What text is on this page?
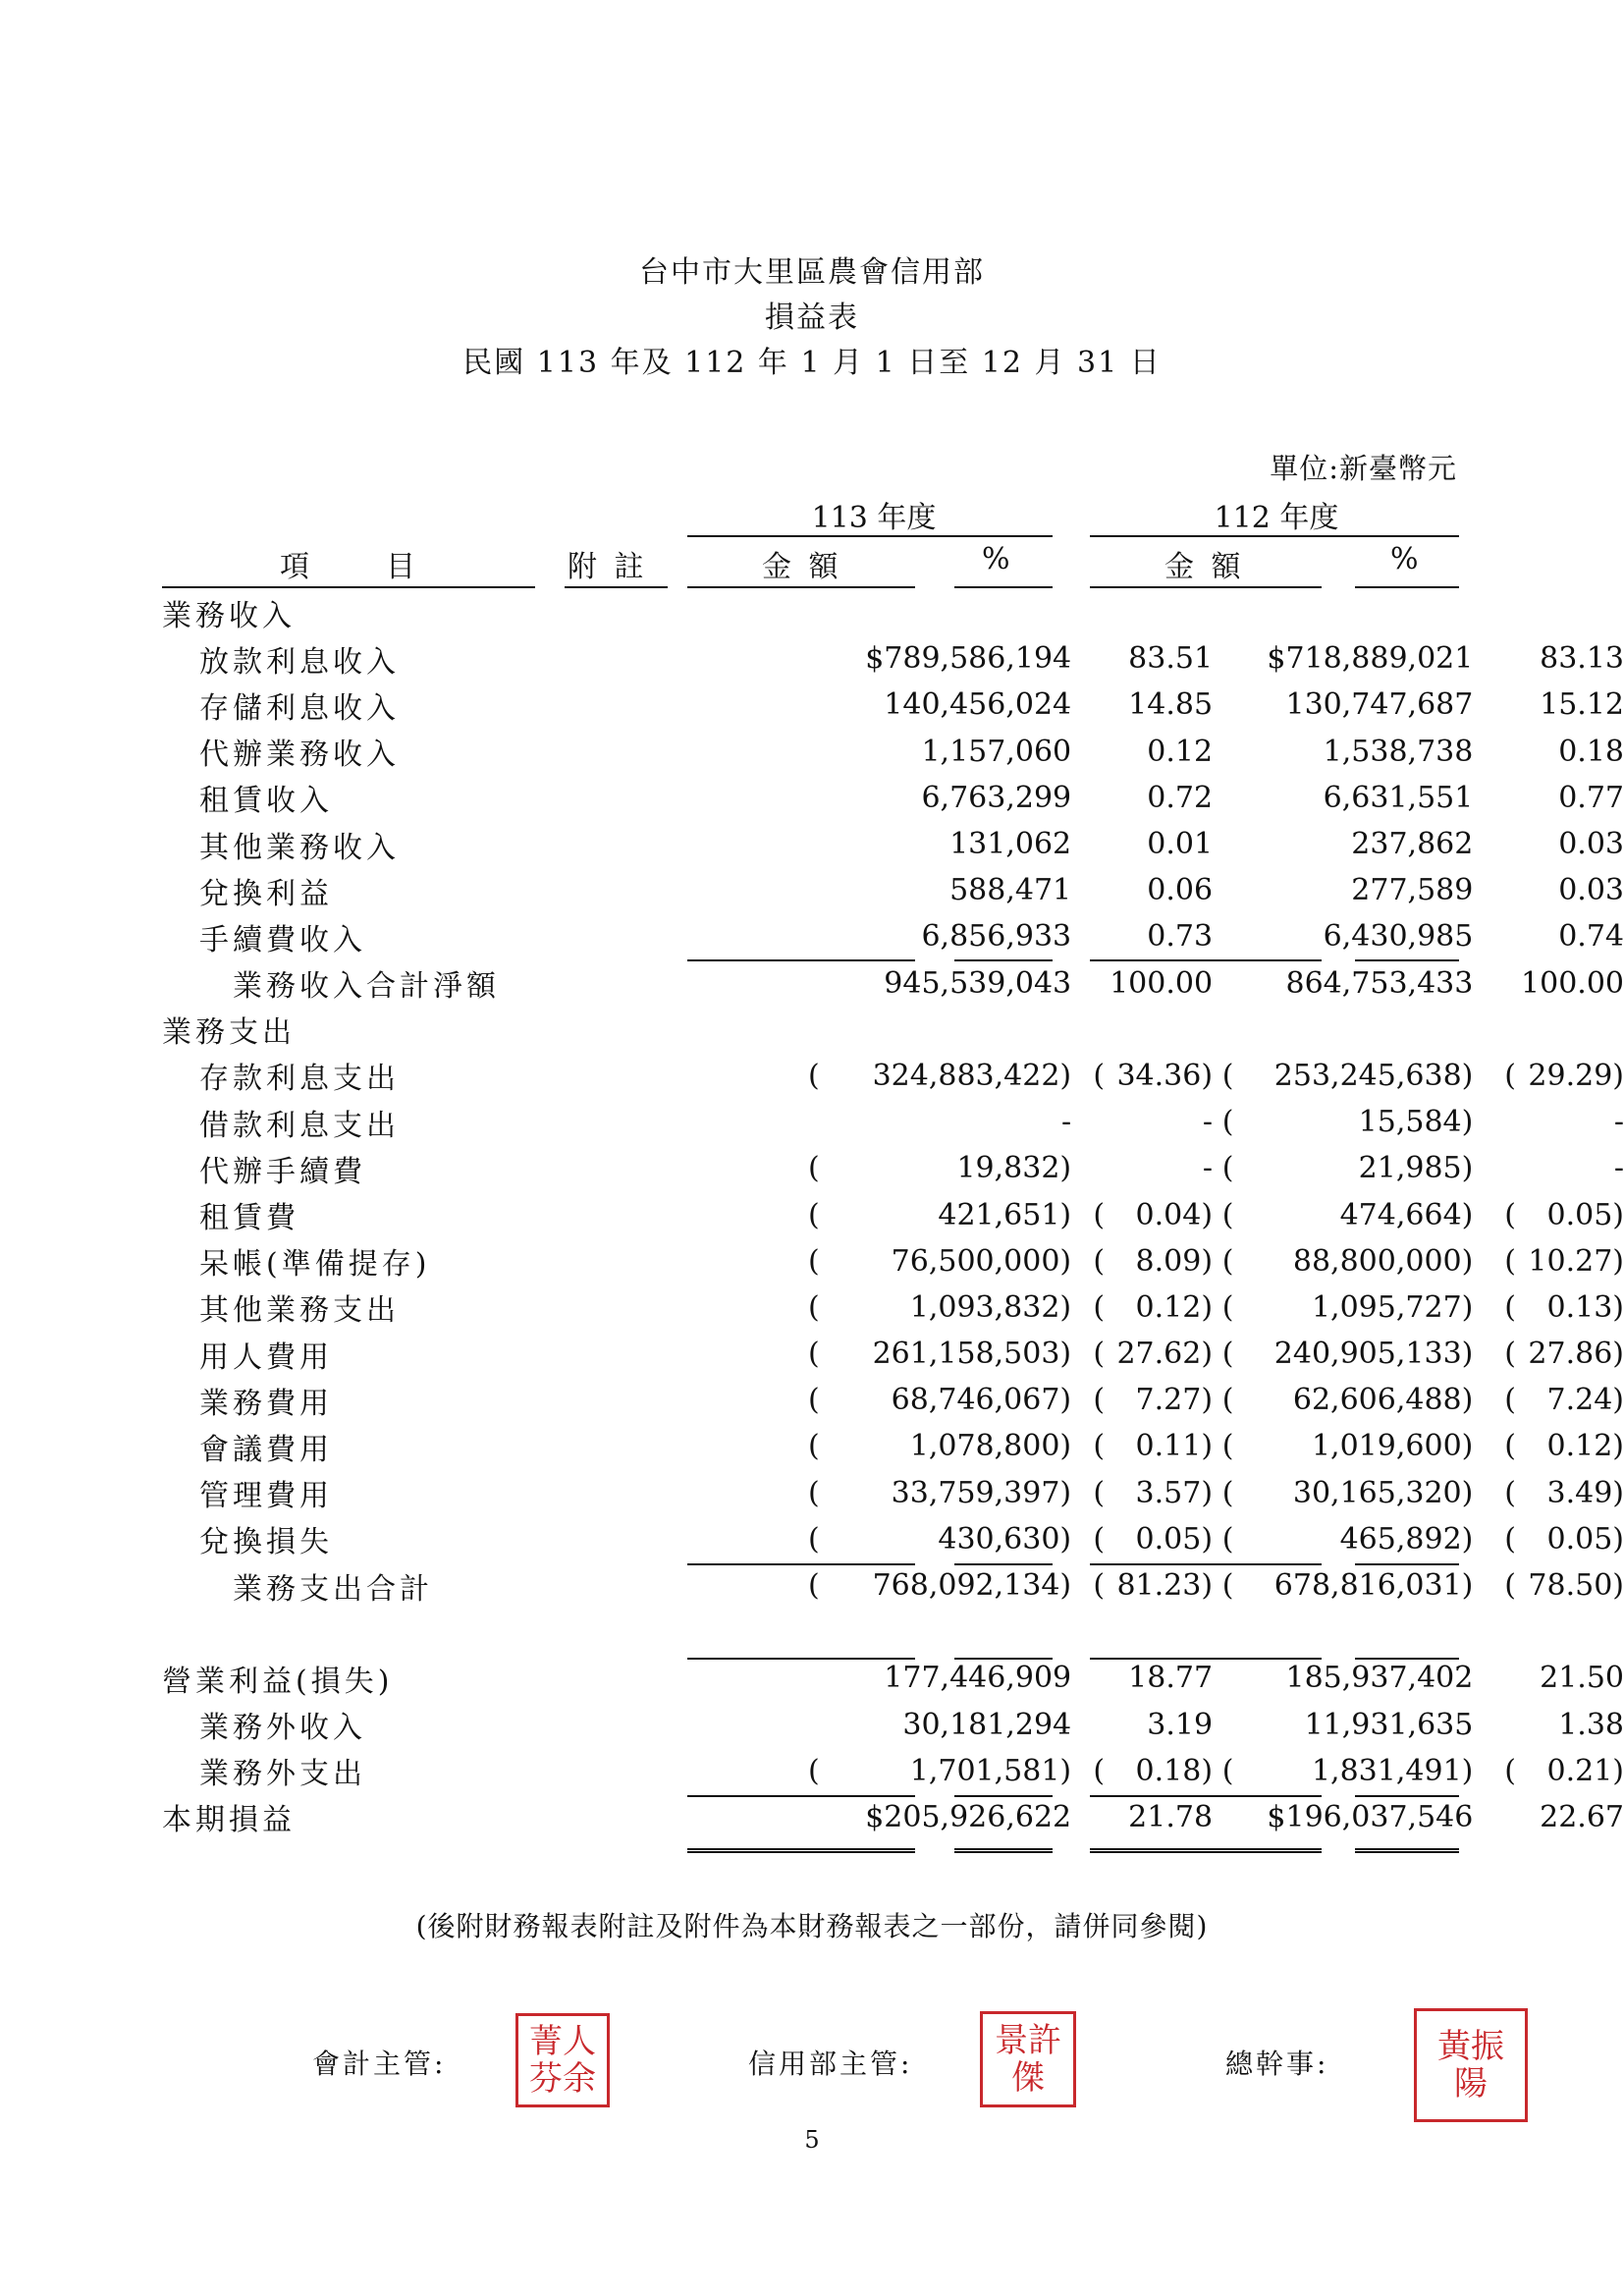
台中市大里區農會信用部
損益表
民國 113 年及 112 年 1 月 1 日至 12 月 31 日
單位:新臺幣元
113 年度	112 年度
項　　目	附 註	金 額	%	金 額	%
業務收入												
放款利息收入			$789,586,194			83.51			$718,889,021			83.13
存儲利息收入			140,456,024			14.85			130,747,687			15.12
代辦業務收入			1,157,060			0.12			1,538,738			0.18
租賃收入			6,763,299			0.72			6,631,551			0.77
其他業務收入			131,062			0.01			237,862			0.03
兌換利益			588,471			0.06			277,589			0.03
手續費收入			6,856,933			0.73			6,430,985			0.74
業務收入合計淨額			945,539,043			100.00			864,753,433			100.00
業務支出												
存款利息支出		(	324,883,422)		(	34.36)		(	253,245,638)		(	29.29)
借款利息支出			-			-		(	15,584)			-
代辦手續費		(	19,832)			-		(	21,985)			-
租賃費		(	421,651)		(	0.04)		(	474,664)		(	0.05)
呆帳(準備提存)		(	76,500,000)		(	8.09)		(	88,800,000)		(	10.27)
其他業務支出		(	1,093,832)		(	0.12)		(	1,095,727)		(	0.13)
用人費用		(	261,158,503)		(	27.62)		(	240,905,133)		(	27.86)
業務費用		(	68,746,067)		(	7.27)		(	62,606,488)		(	7.24)
會議費用		(	1,078,800)		(	0.11)		(	1,019,600)		(	0.12)
管理費用		(	33,759,397)		(	3.57)		(	30,165,320)		(	3.49)
兌換損失		(	430,630)		(	0.05)		(	465,892)		(	0.05)
業務支出合計		(	768,092,134)		(	81.23)		(	678,816,031)		(	78.50)

營業利益(損失)			177,446,909			18.77			185,937,402			21.50
業務外收入			30,181,294			3.19			11,931,635			1.38
業務外支出		(	1,701,581)		(	0.18)		(	1,831,491)		(	0.21)
本期損益			$205,926,622			21.78			$196,037,546			22.67
(後附財務報表附註及附件為本財務報表之一部份，請併同參閱)
會計主管:
菁人
芬余	信用部主管:
景許
傑	總幹事:	黃振
陽
5
